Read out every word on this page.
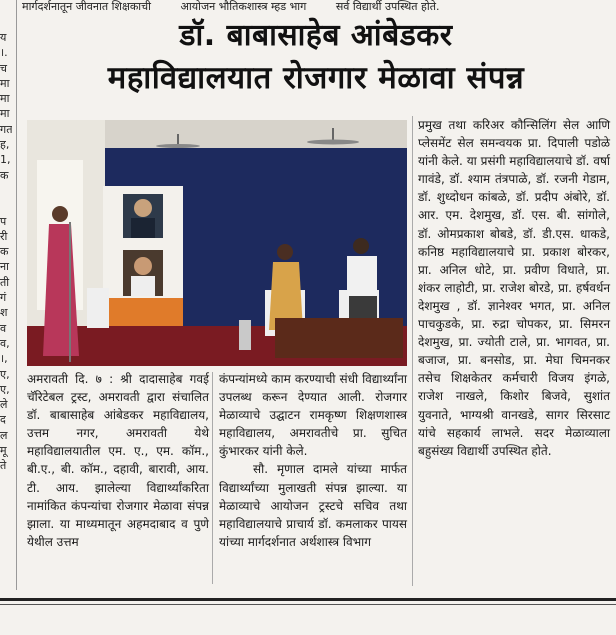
मार्गदर्शनातून जीवनात शिक्षकाची	आयोजन भौतिकशास्त्र म्हड भाग	सर्व विद्यार्थी उपस्थित होते.
य
।.
च
मा
मा
मा
गत
ह,
1,
क

प
री
क
ना
ती
गं
श
व
व,
।,
ए,
ए,
ले
द
ल
मू
ते
डॉ. बाबासाहेब आंबेडकर
महाविद्यालयात रोजगार मेळावा संपन्न

अमरावती दि. ७ : श्री दादासाहेब गवई चॅरिटेबल ट्रस्ट, अमरावती द्वारा संचालित डॉ. बाबासाहेब आंबेडकर महाविद्यालय, उत्तम नगर, अमरावती येथे महाविद्यालयातील एम. ए., एम. कॉम., बी.ए., बी. कॉम., दहावी, बारावी, आय. टी. आय. झालेल्या विद्यार्थ्यांकरिता नामांकित कंपन्यांचा रोजगार मेळावा संपन्न झाला. या माध्यमातून अहमदाबाद व पुणे येथील उत्तम

कंपन्यांमध्ये काम करण्याची संधी विद्यार्थ्यांना उपलब्ध करून देण्यात आली. रोजगार मेळाव्याचे उद्घाटन रामकृष्ण शिक्षणशास्त्र महाविद्यालय, अमरावतीचे प्रा. सुचित कुंभारकर यांनी केले.

सौ. मृणाल दामले यांच्या मार्फत विद्यार्थ्यांच्या मुलाखती संपन्न झाल्या. या मेळाव्याचे आयोजन ट्रस्टचे सचिव तथा महाविद्यालयाचे प्राचार्य डॉ. कमलाकर पायस यांच्या मार्गदर्शनात अर्थशास्त्र विभाग

प्रमुख तथा करिअर कौन्सिलिंग सेल आणि प्लेसमेंट सेल समन्वयक प्रा. दिपाली पडोळे यांनी केले. या प्रसंगी महाविद्यालयाचे डॉ. वर्षा गावंडे, डॉ. श्याम तंत्रपाळे, डॉ. रजनी गेडाम, डॉ. शुध्दोधन कांबळे, डॉ. प्रदीप अंबोरे, डॉ. आर. एम. देशमुख, डॉ. एस. बी. सांगोले, डॉ. ओमप्रकाश बोबडे, डॉ. डी.एस. धाकडे, कनिष्ठ महाविद्यालयाचे प्रा. प्रकाश बोरकर, प्रा. अनिल धोटे, प्रा. प्रवीण विधाते, प्रा. शंकर लाहोटी, प्रा. राजेश बोरडे, प्रा. हर्षवर्धन देशमुख , डॉ. ज्ञानेश्वर भगत, प्रा. अनिल पाचकुडके, प्रा. रुद्रा चोपकर, प्रा. सिमरन देशमुख, प्रा. ज्योती टाले, प्रा. भागवत, प्रा. बजाज, प्रा. बनसोड, प्रा. मेघा चिमनकर तसेच शिक्षकेतर कर्मचारी विजय इंगळे, राजेश नाखले, किशोर बिजवे, सुशांत युवनाते, भाग्यश्री वानखडे, सागर सिरसाट यांचे सहकार्य लाभले. सदर मेळाव्याला बहुसंख्य विद्यार्थी उपस्थित होते.
